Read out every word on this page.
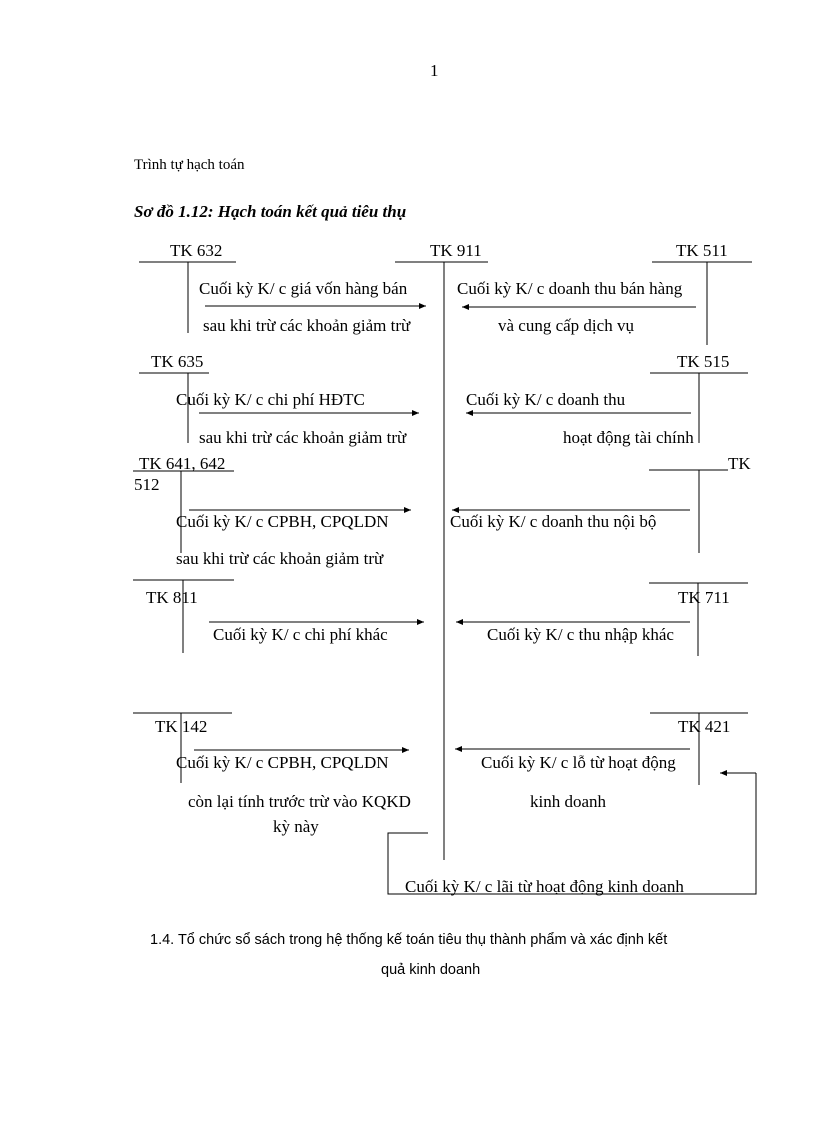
1
Trình tự hạch toán
Sơ đồ 1.12: Hạch toán kết quả tiêu thụ
TK 632	TK 911	TK 511
TK 635	TK 515
TK 641, 642	TK
512
TK 811	TK 711
TK 142	TK 421
Cuối kỳ K/ c giá vốn hàng bán
sau khi trừ các khoản giảm trừ
Cuối kỳ K/ c doanh thu bán hàng
và cung cấp dịch vụ
Cuối kỳ K/ c chi phí HĐTC
sau khi trừ các khoản giảm trừ
Cuối kỳ K/ c doanh thu
hoạt động tài chính
Cuối kỳ K/ c CPBH, CPQLDN
sau khi trừ các khoản giảm trừ
Cuối kỳ K/ c doanh thu nội bộ
Cuối kỳ K/ c chi phí khác	Cuối kỳ K/ c thu nhập khác
Cuối kỳ K/ c CPBH, CPQLDN
còn lại tính trước trừ vào KQKD
kỳ này
Cuối kỳ K/ c lỗ từ hoạt động
kinh doanh
Cuối kỳ K/ c lãi từ hoạt động kinh doanh
1.4. Tổ chức sổ sách trong hệ thống kế toán tiêu thụ thành phẩm và xác định kết
quả kinh doanh
